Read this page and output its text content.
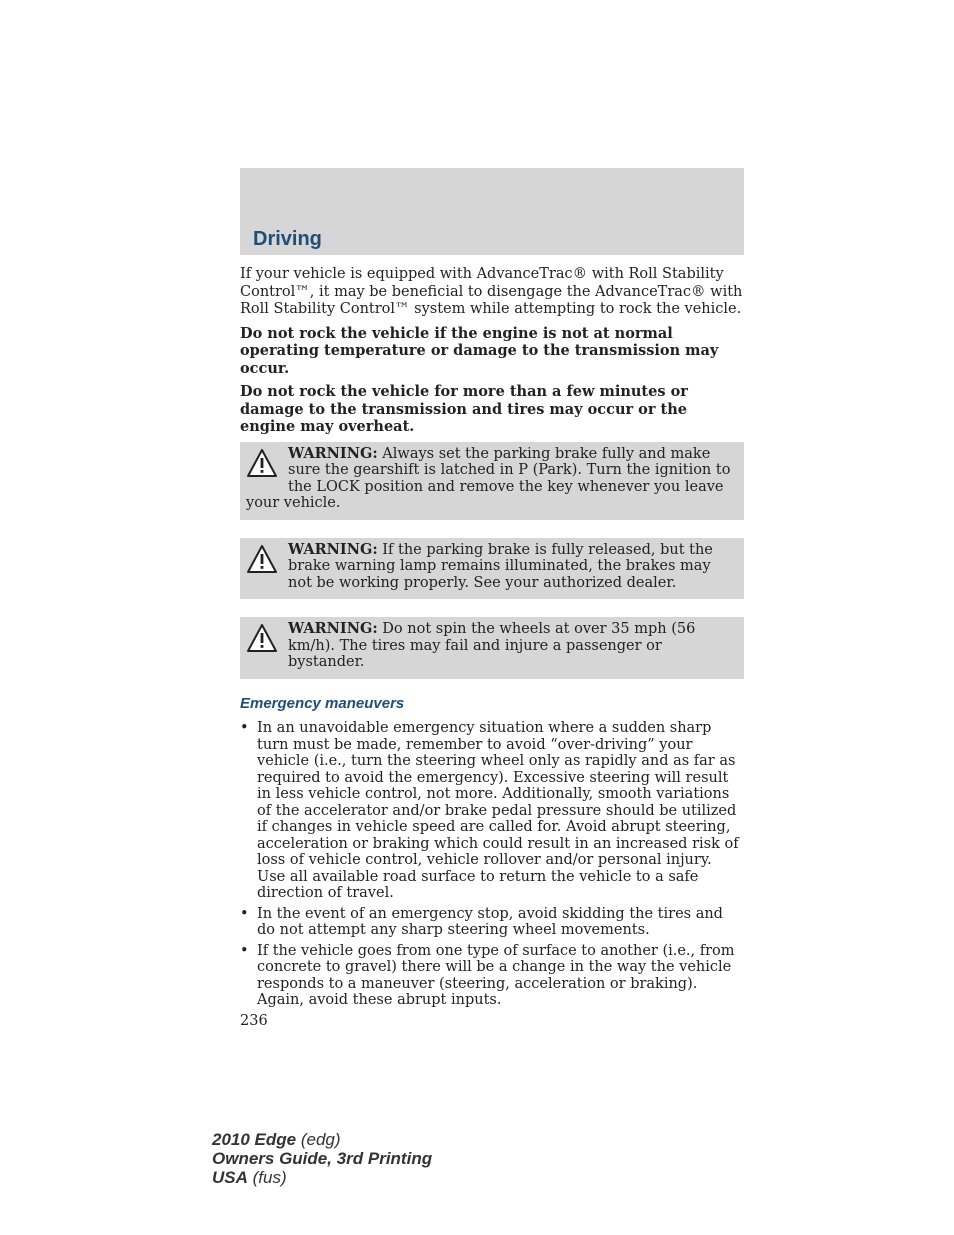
Driving

If your vehicle is equipped with AdvanceTrac® with Roll Stability Control™, it may be beneficial to disengage the AdvanceTrac® with Roll Stability Control™ system while attempting to rock the vehicle.

Do not rock the vehicle if the engine is not at normal operating temperature or damage to the transmission may occur.

Do not rock the vehicle for more than a few minutes or damage to the transmission and tires may occur or the engine may overheat.

WARNING: Always set the parking brake fully and make sure the gearshift is latched in P (Park). Turn the ignition to the LOCK position and remove the key whenever you leave your vehicle.
WARNING: If the parking brake is fully released, but the brake warning lamp remains illuminated, the brakes may not be working properly. See your authorized dealer.
WARNING: Do not spin the wheels at over 35 mph (56 km/h). The tires may fail and injure a passenger or bystander.
Emergency maneuvers
• In an unavoidable emergency situation where a sudden sharp turn must be made, remember to avoid “over-driving” your vehicle (i.e., turn the steering wheel only as rapidly and as far as required to avoid the emergency). Excessive steering will result in less vehicle control, not more. Additionally, smooth variations of the accelerator and/or brake pedal pressure should be utilized if changes in vehicle speed are called for. Avoid abrupt steering, acceleration or braking which could result in an increased risk of loss of vehicle control, vehicle rollover and/or personal injury. Use all available road surface to return the vehicle to a safe direction of travel.
• In the event of an emergency stop, avoid skidding the tires and do not attempt any sharp steering wheel movements.
• If the vehicle goes from one type of surface to another (i.e., from concrete to gravel) there will be a change in the way the vehicle responds to a maneuver (steering, acceleration or braking). Again, avoid these abrupt inputs.
236
2010 Edge (edg)
Owners Guide, 3rd Printing
USA (fus)
